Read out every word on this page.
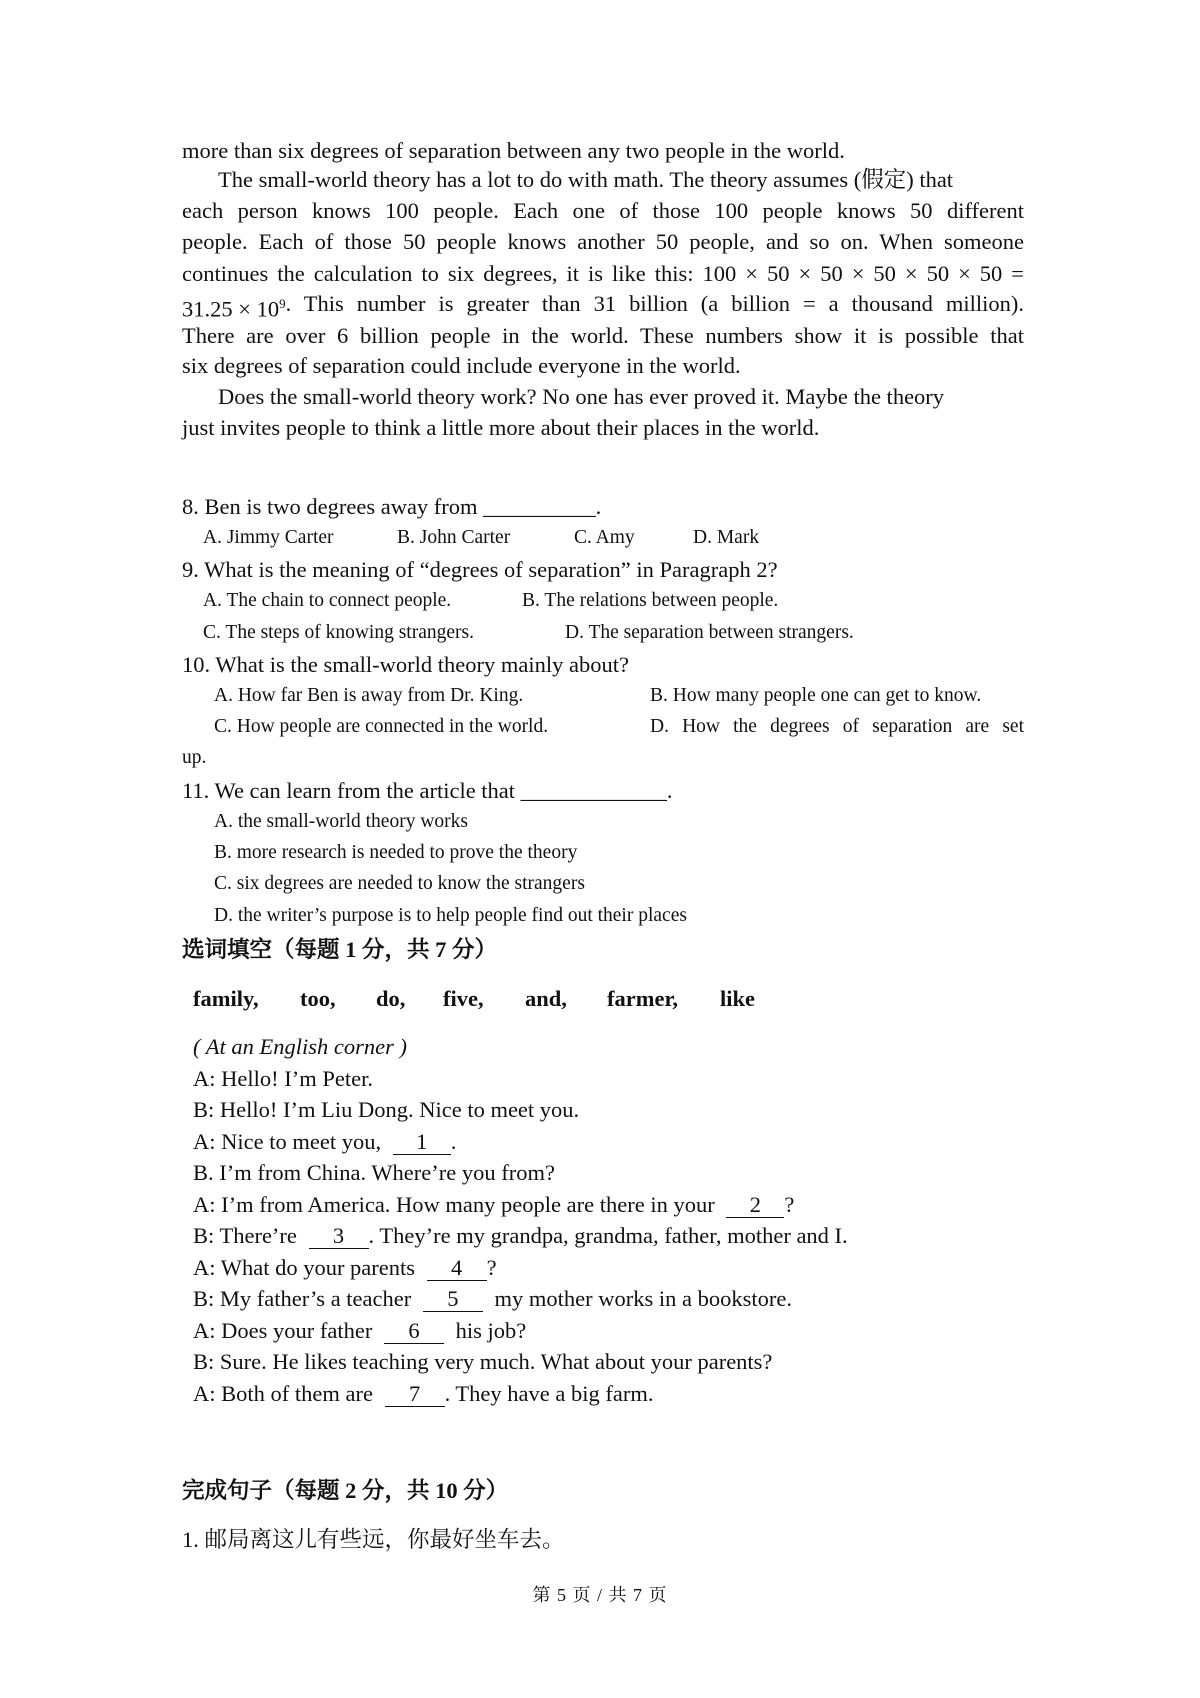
more than six degrees of separation between any two people in the world.
The small-world theory has a lot to do with math. The theory assumes (假定) that
each person knows 100 people. Each one of those 100 people knows 50 different
people. Each of those 50 people knows another 50 people, and so on. When someone
continues the calculation to six degrees, it is like this: 100 × 50 × 50 × 50 × 50 × 50 =
$31.25 \times 10^9$ . This number is greater than 31 billion (a billion = a thousand million).
There are over 6 billion people in the world. These numbers show it is possible that
six degrees of separation could include everyone in the world.
Does the small-world theory work? No one has ever proved it. Maybe the theory
just invites people to think a little more about their places in the world.
8. Ben is two degrees away from __________.
A. Jimmy Carter	B. John Carter	C. Amy	D. Mark
9. What is the meaning of “degrees of separation” in Paragraph 2?
A. The chain to connect people.	B. The relations between people.
C. The steps of knowing strangers.	D. The separation between strangers.
10. What is the small-world theory mainly about?
A. How far Ben is away from Dr. King.	B. How many people one can get to know.
C. How people are connected in the world.	D. How the degrees of separation are set
up.
11. We can learn from the article that _____________.
A. the small-world theory works
B. more research is needed to prove the theory
C. six degrees are needed to know the strangers
D. the writer’s purpose is to help people find out their places
选词填空（每题 1 分，共 7 分）
family, too, do, five, and, farmer, like
( At an English corner )
A: Hello! I’m Peter.
B: Hello! I’m Liu Dong. Nice to meet you.
A: Nice to meet you, 1 .
B. I’m from China. Where’re you from?
A: I’m from America. How many people are there in your 2 ?
B: There’re 3 . They’re my grandpa, grandma, father, mother and I.
A: What do your parents 4 ?
B: My father’s a teacher 5 my mother works in a bookstore.
A: Does your father 6 his job?
B: Sure. He likes teaching very much. What about your parents?
A: Both of them are 7 . They have a big farm.
完成句子（每题 2 分，共 10 分）
1. 邮局离这儿有些远，你最好坐车去。
第 5 页 / 共 7 页
